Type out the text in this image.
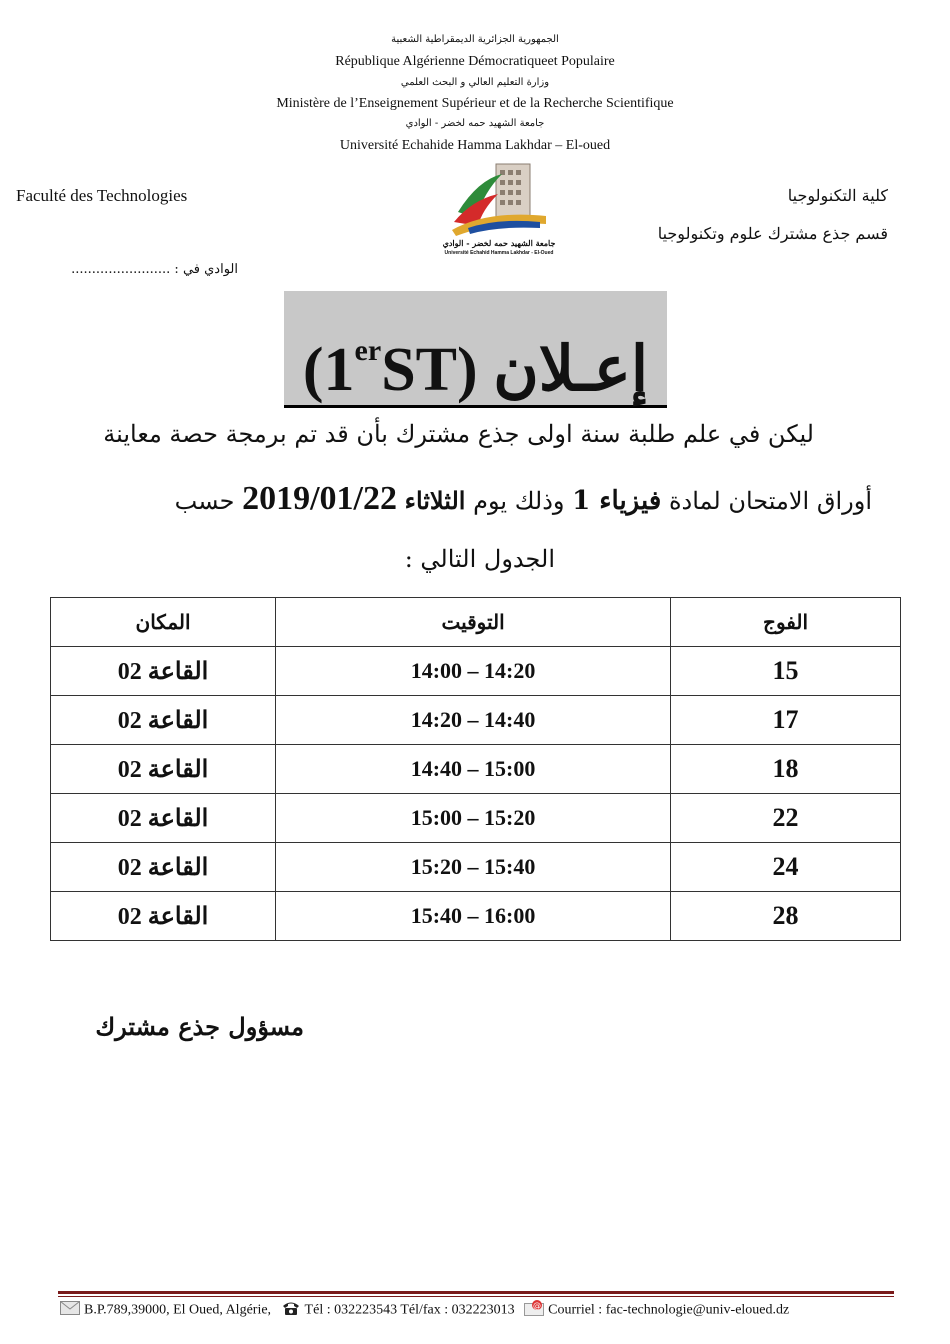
الجمهورية الجزائرية الديمقراطية الشعبية
République Algérienne Démocratiqueet Populaire
وزارة التعليم العالي و البحث العلمي
Ministère de l’Enseignement Supérieur et de la Recherche Scientifique
جامعة الشهيد حمه لخضر - الوادي
Université Echahide Hamma Lakhdar – El-oued
Faculté des Technologies	كلية التكنولوجيا
قسم جذع مشترك علوم وتكنولوجيا
الوادي في : ........................
جامعة الشهيد حمه لخضر - الوادي
Université Echahid Hamma Lakhdar - El-Oued
إعـلان (1erST)
ليكن في علم طلبة سنة اولى جذع مشترك بأن قد تم برمجة حصة معاينة
أوراق الامتحان لمادة فيزياء 1 وذلك يوم الثلاثاء 2019/01/22 حسب
الجدول التالي :
الفوج	التوقيت	المكان
15	14:00 – 14:20	القاعة 02
17	14:20 – 14:40	القاعة 02
18	14:40 – 15:00	القاعة 02
22	15:00 – 15:20	القاعة 02
24	15:20 – 15:40	القاعة 02
28	15:40 – 16:00	القاعة 02
مسؤول جذع مشترك
B.P.789,39000, El Oued, Algérie, Tél : 032223543 Tél/fax : 032223013 @ Courriel : fac-technologie@univ-eloued.dz
